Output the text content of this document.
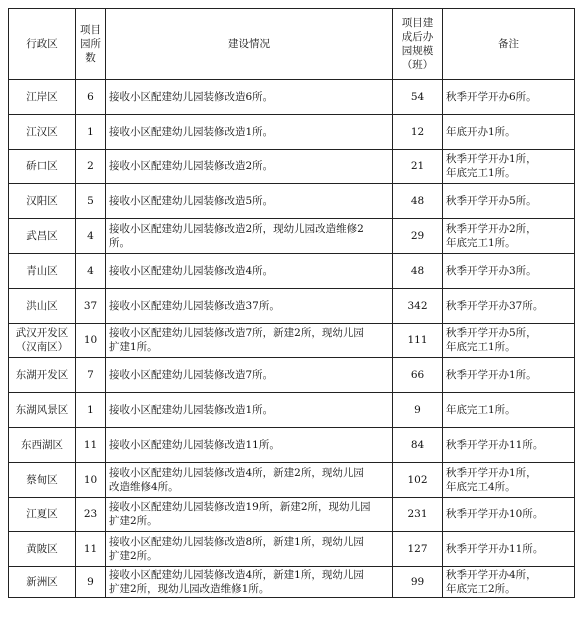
行政区	项目
园所
数	建设情况	项目建
成后办
园规模
（班）	备注

江岸区	6	接收小区配建幼儿园装修改造6所。	54	秋季开学开办6所。

江汉区	1	接收小区配建幼儿园装修改造1所。	12	年底开办1所。

硚口区	2	接收小区配建幼儿园装修改造2所。	21	秋季开学开办1所，
年底完工1所。

汉阳区	5	接收小区配建幼儿园装修改造5所。	48	秋季开学开办5所。

武昌区	4	接收小区配建幼儿园装修改造2所，现幼儿园改造维修2
所。	29	秋季开学开办2所，
年底完工1所。

青山区	4	接收小区配建幼儿园装修改造4所。	48	秋季开学开办3所。

洪山区	37	接收小区配建幼儿园装修改造37所。	342	秋季开学开办37所。

武汉开发区
（汉南区）	10	接收小区配建幼儿园装修改造7所，新建2所，现幼儿园
扩建1所。	111	秋季开学开办5所，
年底完工1所。

东湖开发区	7	接收小区配建幼儿园装修改造7所。	66	秋季开学开办1所。

东湖风景区	1	接收小区配建幼儿园装修改造1所。	9	年底完工1所。

东西湖区	11	接收小区配建幼儿园装修改造11所。	84	秋季开学开办11所。

蔡甸区	10	接收小区配建幼儿园装修改造4所，新建2所，现幼儿园
改造维修4所。	102	秋季开学开办1所，
年底完工4所。

江夏区	23	接收小区配建幼儿园装修改造19所，新建2所，现幼儿园
扩建2所。	231	秋季开学开办10所。

黄陂区	11	接收小区配建幼儿园装修改造8所，新建1所，现幼儿园
扩建2所。	127	秋季开学开办11所。

新洲区	9	接收小区配建幼儿园装修改造4所，新建1所，现幼儿园
扩建2所，现幼儿园改造维修1所。	99	秋季开学开办4所，
年底完工2所。
